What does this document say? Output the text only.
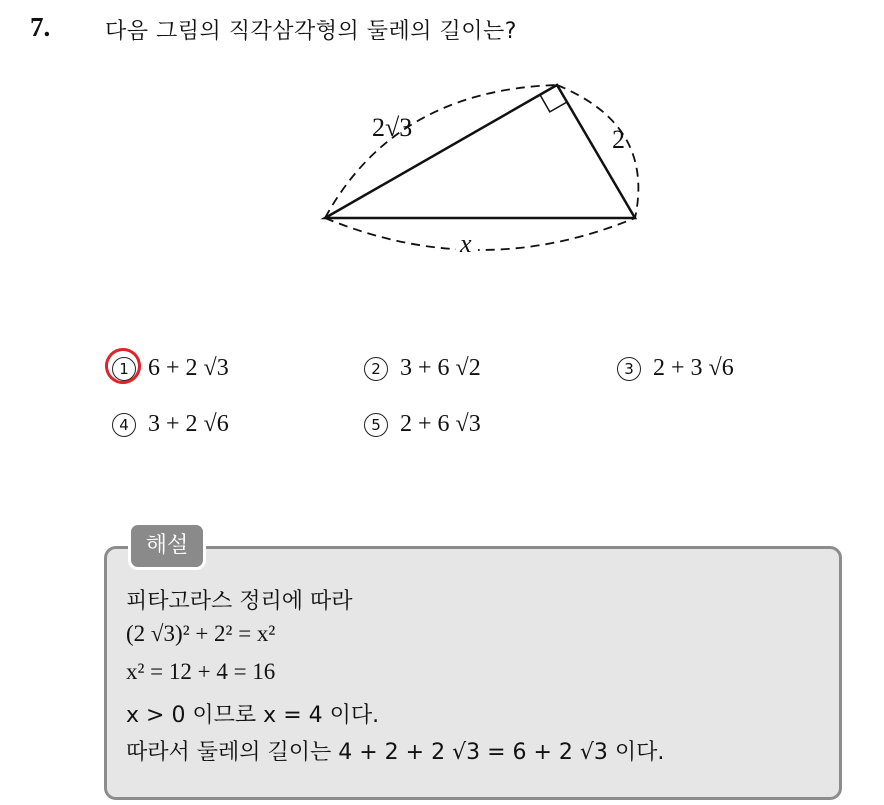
7. 다음 그림의 직각삼각형의 둘레의 길이는?
2√3	2
x
1 6 + 2 √3	2 3 + 6 √2	3 2 + 3 √6
4 3 + 2 √6	5 2 + 6 √3
해설
피타고라스 정리에 따라
(2 √3)² + 2² = x²
x² = 12 + 4 = 16
x > 0 이므로 x = 4 이다.
따라서 둘레의 길이는 4 + 2 + 2 √3 = 6 + 2 √3 이다.
